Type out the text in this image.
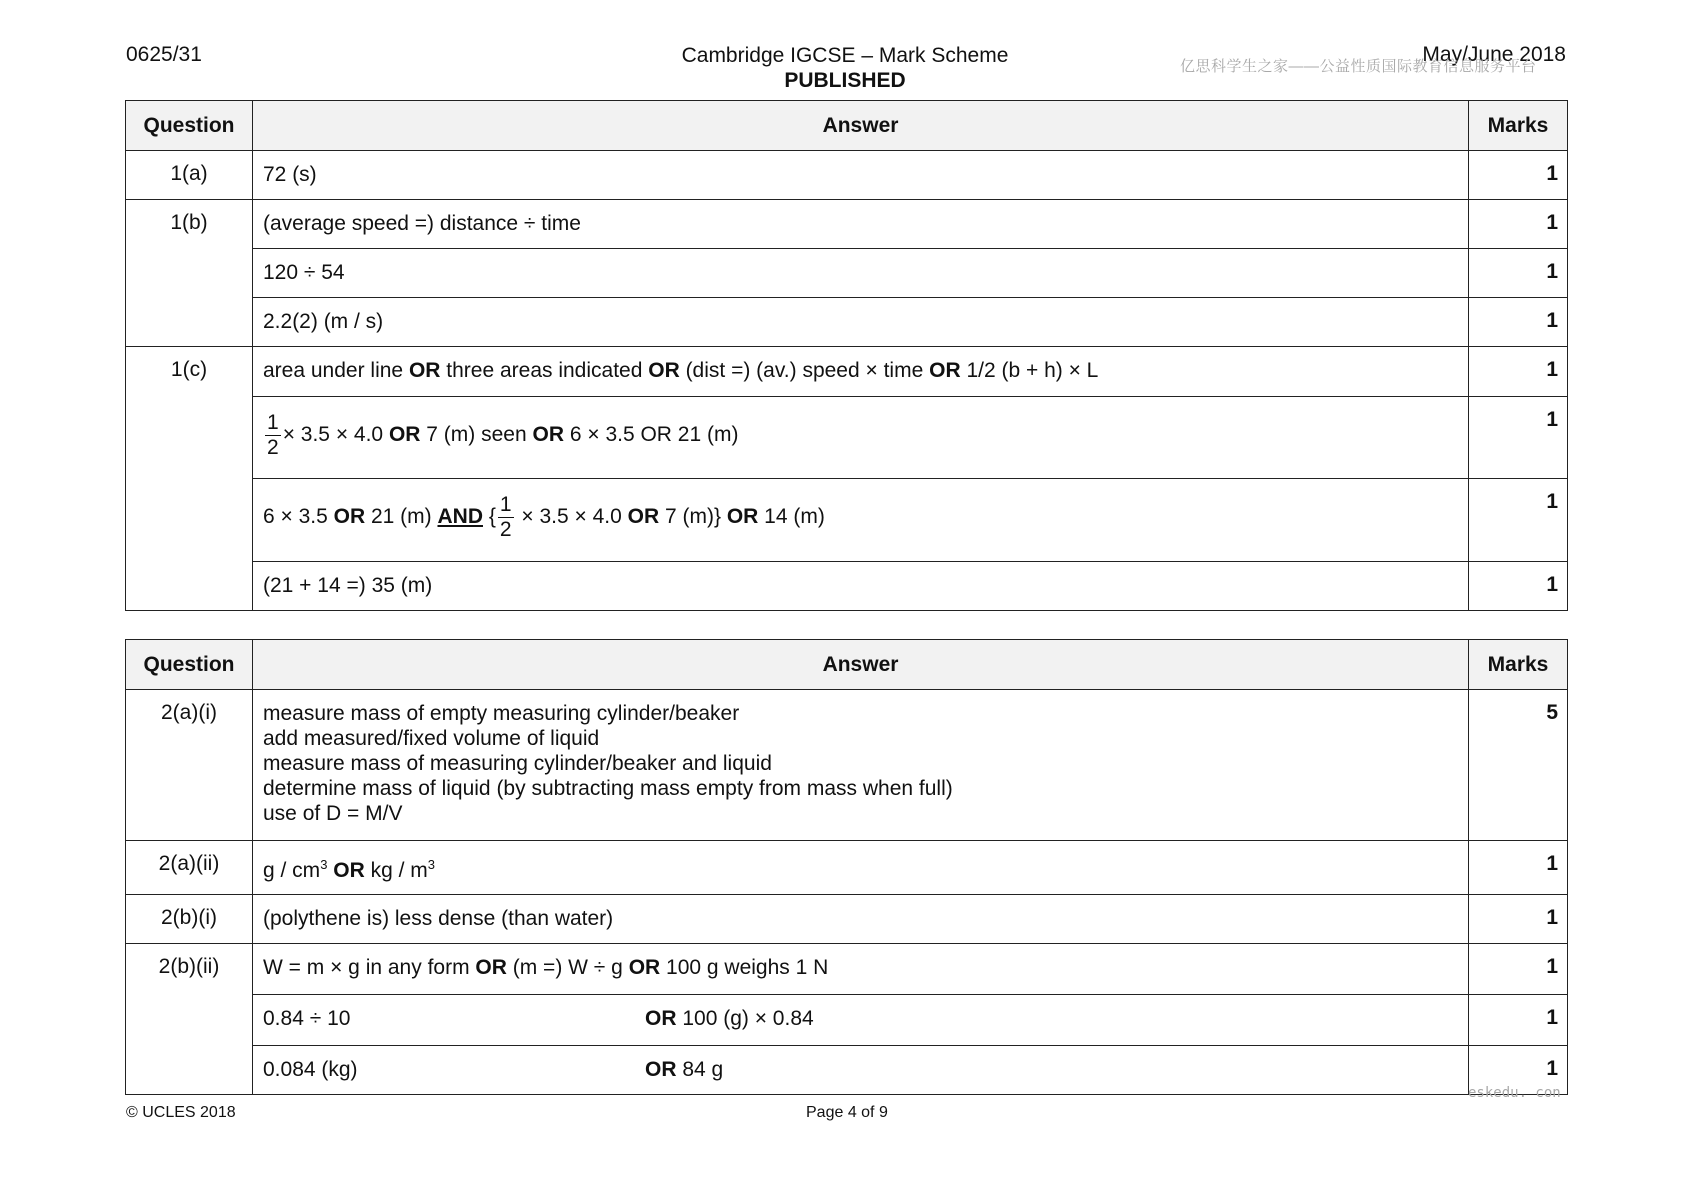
0625/31	Cambridge IGCSE – Mark Scheme
PUBLISHED
May/June 2018
亿思科学生之家——公益性质国际教育信息服务平台
Question	Answer	Marks
1(a)	72 (s)	1
1(b)	(average speed =) distance ÷ time	1
	120 ÷ 54	1
	2.2(2) (m / s)	1
1(c)	area under line OR three areas indicated OR (dist =) (av.) speed × time OR 1/2 (b + h) × L	1

	$\frac{1}{2} \times 3.5 \times 4.0$ OR 7 (m) seen OR 6 × 3.5 OR 21 (m)	1
	6 × 3.5 OR 21 (m) AND { $\frac{1}{2} \times 3.5 \times 4.0$ OR 7 (m)} OR 14 (m)	1
	(21 + 14 =) 35 (m)	1
Question	Answer	Marks
2(a)(i)	measure mass of empty measuring cylinder/beaker
add measured/fixed volume of liquid
measure mass of measuring cylinder/beaker and liquid
determine mass of liquid (by subtracting mass empty from mass when full)
use of D = M/V	5
2(a)(ii)	g / $cm^3$ OR kg / $m^3$	1
2(b)(i)	(polythene is) less dense (than water)	1
2(b)(ii)	W = m × g in any form OR (m =) W ÷ g OR 100 g weighs 1 N	1
	0.84 ÷ 10 OR 100 (g) × 0.84	1
	0.084 (kg) OR 84 g	1
eskedu. con
© UCLES 2018	Page 4 of 9
